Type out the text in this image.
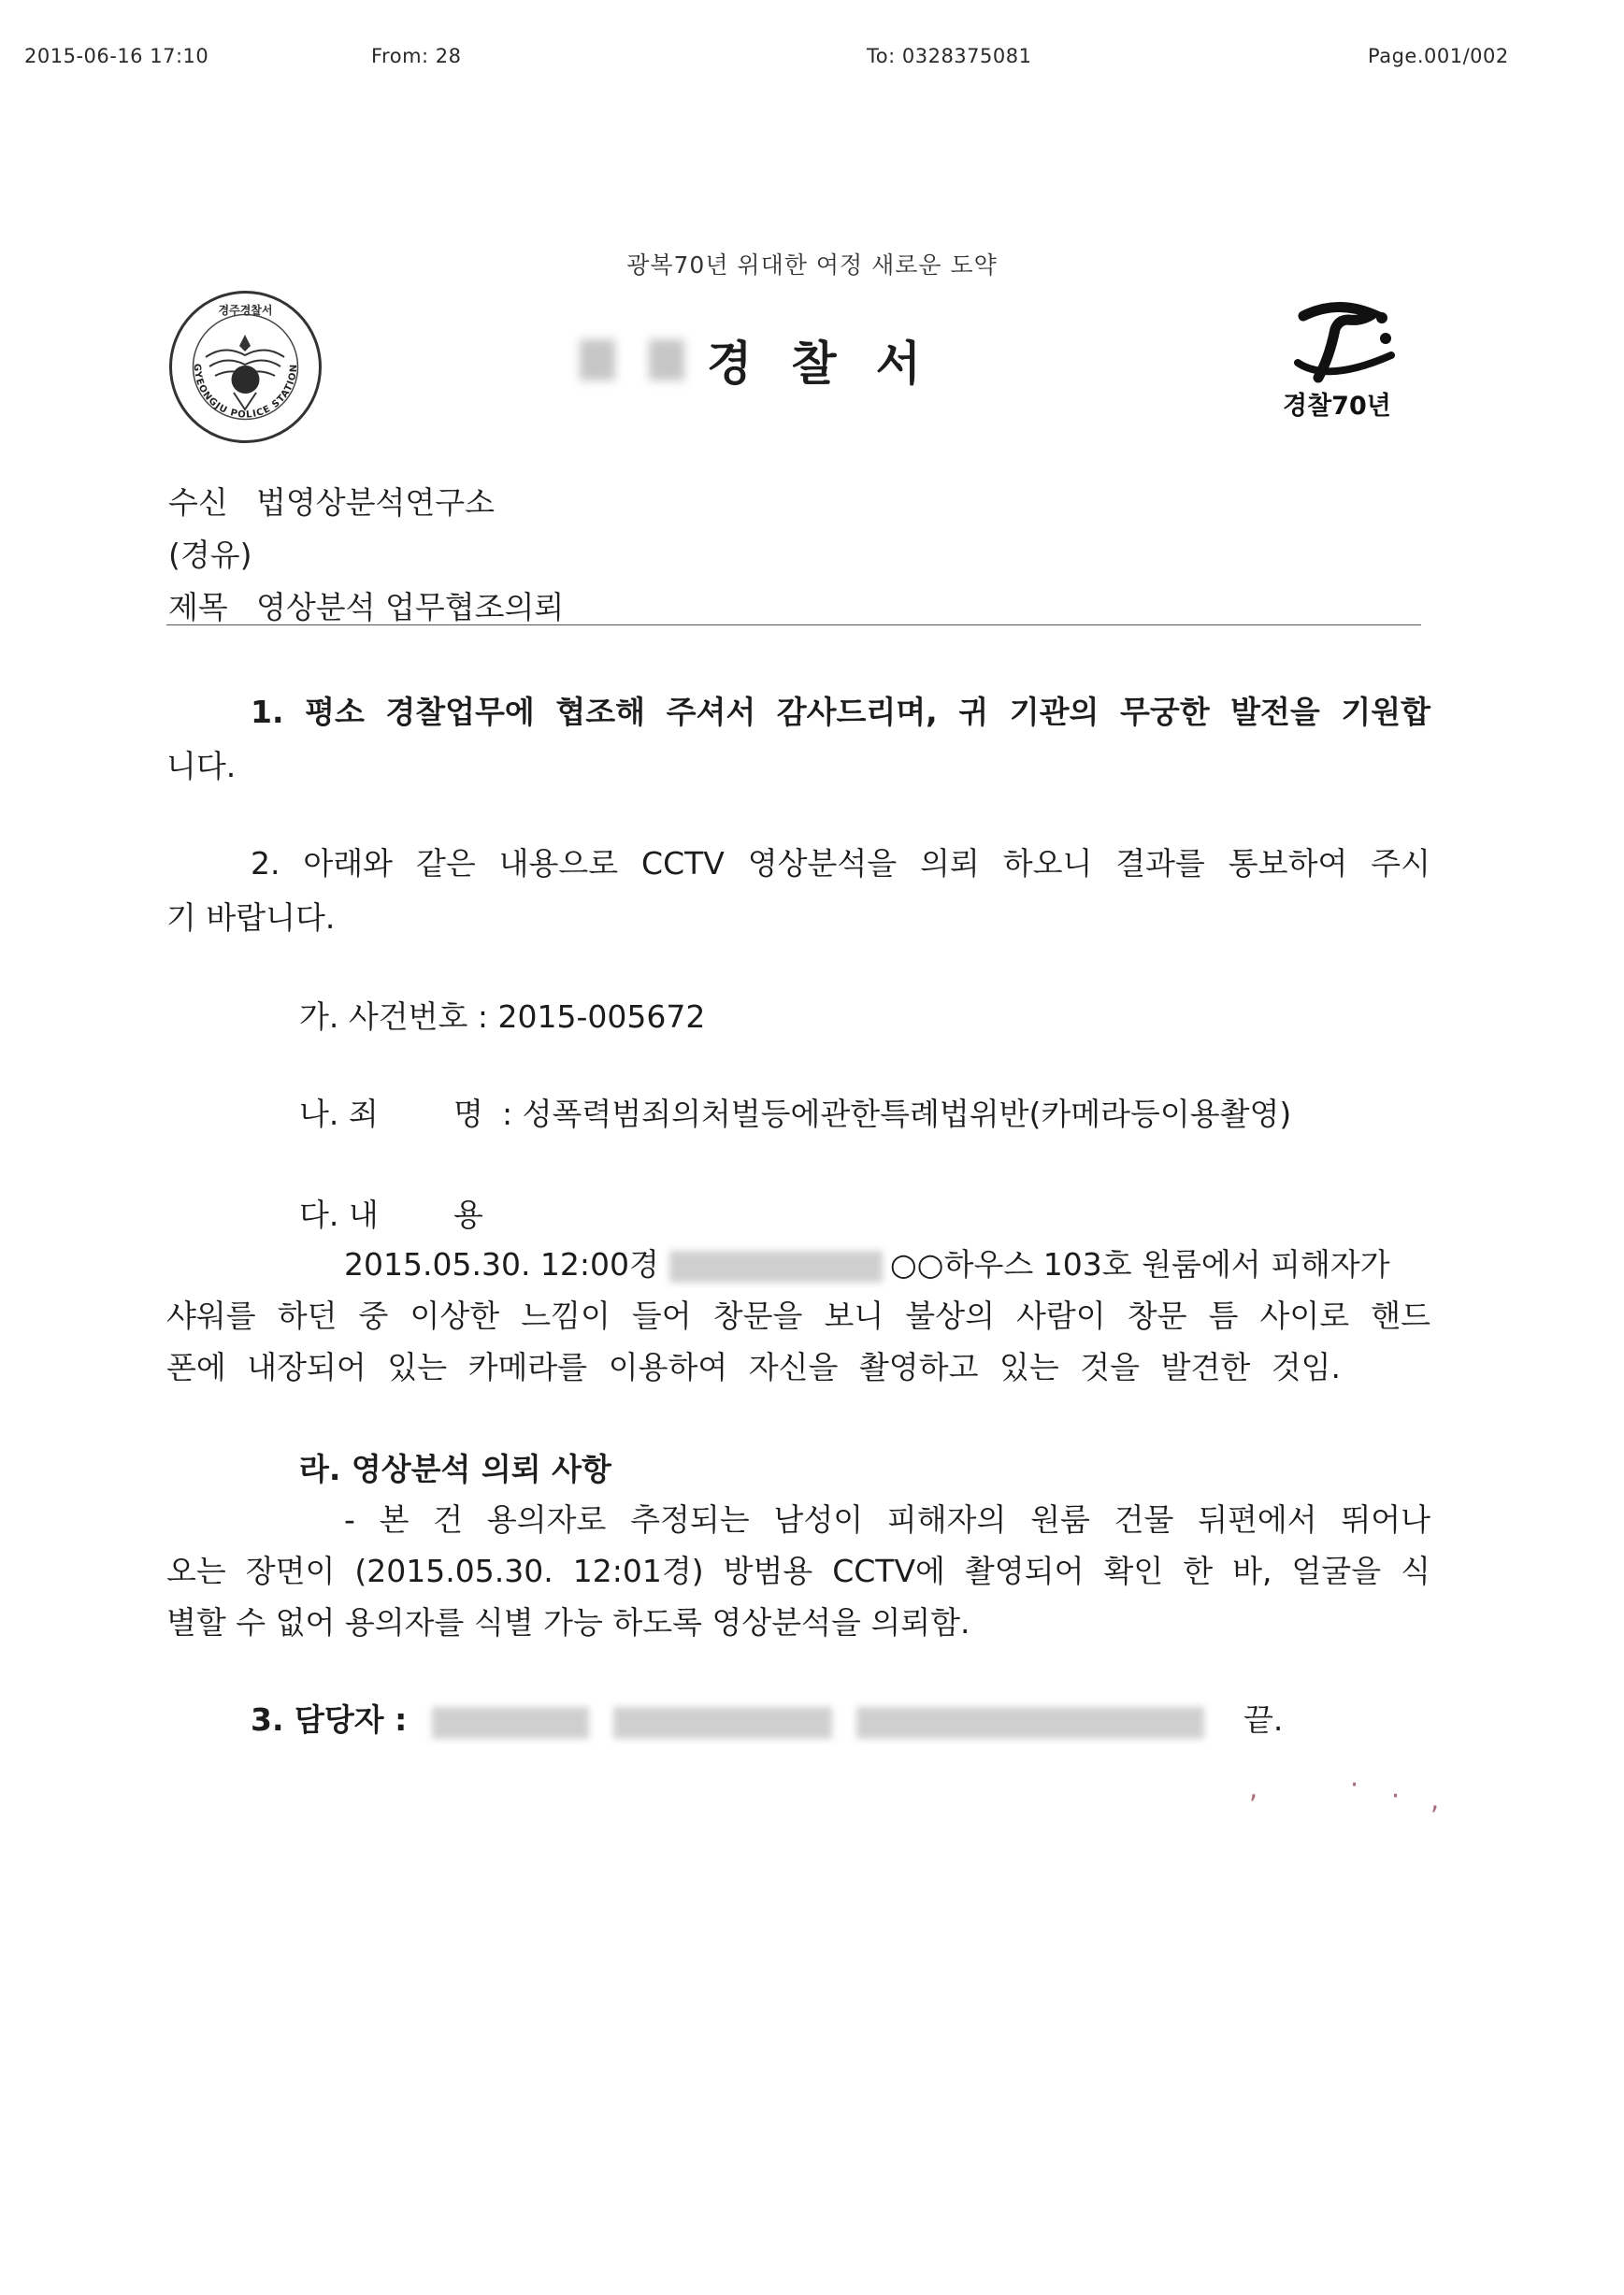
2015-06-16 17:10	From: 28	To: 0328375081	Page.001/002
광복70년 위대한 여정 새로운 도약
경주경찰서
GYEONGJU POLICE STATION	경찰서
경찰70년
수신 법영상분석연구소
(경유)
제목 영상분석 업무협조의뢰
1. 평소 경찰업무에 협조해 주셔서 감사드리며, 귀 기관의 무궁한 발전을 기원합
니다.
2. 아래와 같은 내용으로 CCTV 영상분석을 의뢰 하오니 결과를 통보하여 주시
기 바랍니다.
가. 사건번호 : 2015-005672
나. 죄 명 : 성폭력범죄의처벌등에관한특례법위반(카메라등이용촬영)
다. 내 용
2015.05.30. 12:00경	○○하우스 103호 원룸에서 피해자가
샤워를 하던 중 이상한 느낌이 들어 창문을 보니 불상의 사람이 창문 틈 사이로 핸드
폰에 내장되어 있는 카메라를 이용하여 자신을 촬영하고 있는 것을 발견한 것임.
라. 영상분석 의뢰 사항
- 본 건 용의자로 추정되는 남성이 피해자의 원룸 건물 뒤편에서 뛰어나
오는 장면이 (2015.05.30. 12:01경) 방범용 CCTV에 촬영되어 확인 한 바, 얼굴을 식
별할 수 없어 용의자를 식별 가능 하도록 영상분석을 의뢰함.
3. 담당자 :	끝.
,	· · ,
